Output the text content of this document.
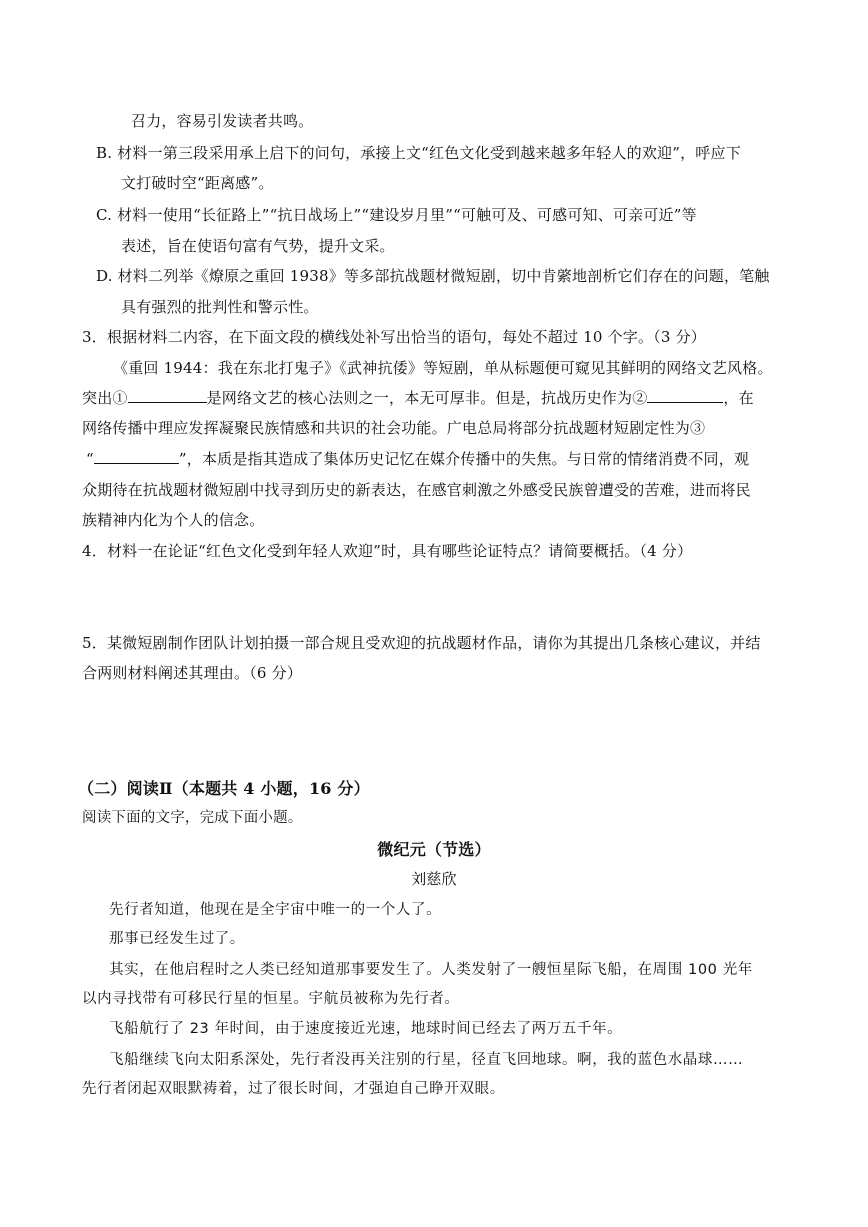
召力，容易引发读者共鸣。
B. 材料一第三段采用承上启下的问句，承接上文“红色文化受到越来越多年轻人的欢迎”，呼应下
文打破时空“距离感”。
C. 材料一使用“长征路上”“抗日战场上”“建设岁月里”“可触可及、可感可知、可亲可近”等
表述，旨在使语句富有气势，提升文采。
D. 材料二列举《燎原之重回 1938》等多部抗战题材微短剧，切中肯綮地剖析它们存在的问题，笔触
具有强烈的批判性和警示性。
3．根据材料二内容，在下面文段的横线处补写出恰当的语句，每处不超过 10 个字。（3 分）
《重回 1944：我在东北打鬼子》《武神抗倭》等短剧，单从标题便可窥见其鲜明的网络文艺风格。
突出①	是网络文艺的核心法则之一，本无可厚非。但是，抗战历史作为②	，在
网络传播中理应发挥凝聚民族情感和共识的社会功能。广电总局将部分抗战题材短剧定性为③
“	”，本质是指其造成了集体历史记忆在媒介传播中的失焦。与日常的情绪消费不同，观
众期待在抗战题材微短剧中找寻到历史的新表达，在感官刺激之外感受民族曾遭受的苦难，进而将民
族精神内化为个人的信念。
4．材料一在论证“红色文化受到年轻人欢迎”时，具有哪些论证特点？请简要概括。（4 分）
5．某微短剧制作团队计划拍摄一部合规且受欢迎的抗战题材作品，请你为其提出几条核心建议，并结
合两则材料阐述其理由。（6 分）
（二）阅读Ⅱ（本题共 4 小题，16 分）
阅读下面的文字，完成下面小题。
微纪元（节选）
刘慈欣
先行者知道，他现在是全宇宙中唯一的一个人了。
那事已经发生过了。
其实，在他启程时之人类已经知道那事要发生了。人类发射了一艘恒星际飞船，在周围 100 光年
以内寻找带有可移民行星的恒星。宇航员被称为先行者。
飞船航行了 23 年时间，由于速度接近光速，地球时间已经去了两万五千年。
飞船继续飞向太阳系深处，先行者没再关注别的行星，径直飞回地球。啊，我的蓝色水晶球……
先行者闭起双眼默祷着，过了很长时间，才强迫自己睁开双眼。
